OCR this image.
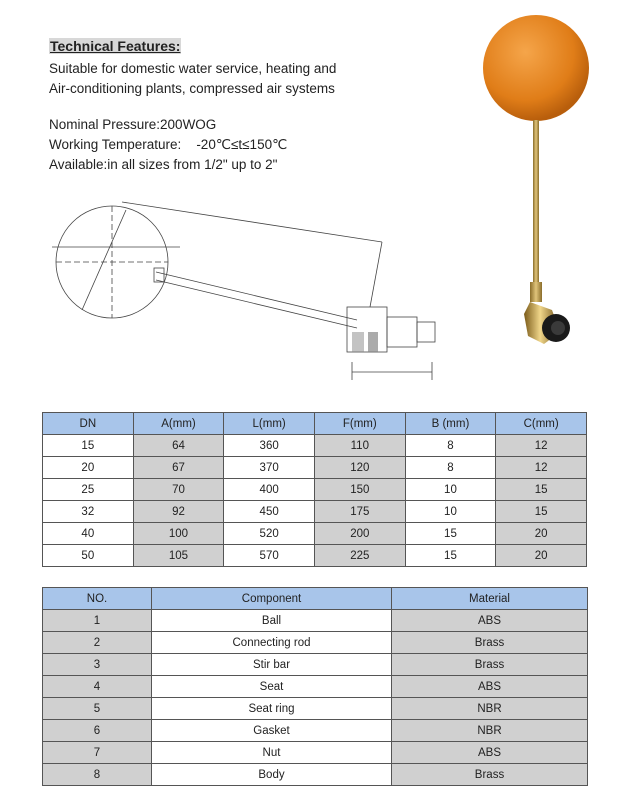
Technical Features:

Suitable for domestic water service, heating and

Air-conditioning plants, compressed air systems

Nominal Pressure:200WOG

Working Temperature:    -20℃≤t≤150℃

Available:in all sizes from 1/2" up to 2"

DN	A(mm)	L(mm)	F(mm)	B (mm)	C(mm)
15	64	360	110	8	12
20	67	370	120	8	12
25	70	400	150	10	15
32	92	450	175	10	15
40	100	520	200	15	20
50	105	570	225	15	20
NO.	Component	Material
1	Ball	ABS
2	Connecting rod	Brass
3	Stir bar	Brass
4	Seat	ABS
5	Seat ring	NBR
6	Gasket	NBR
7	Nut	ABS
8	Body	Brass
